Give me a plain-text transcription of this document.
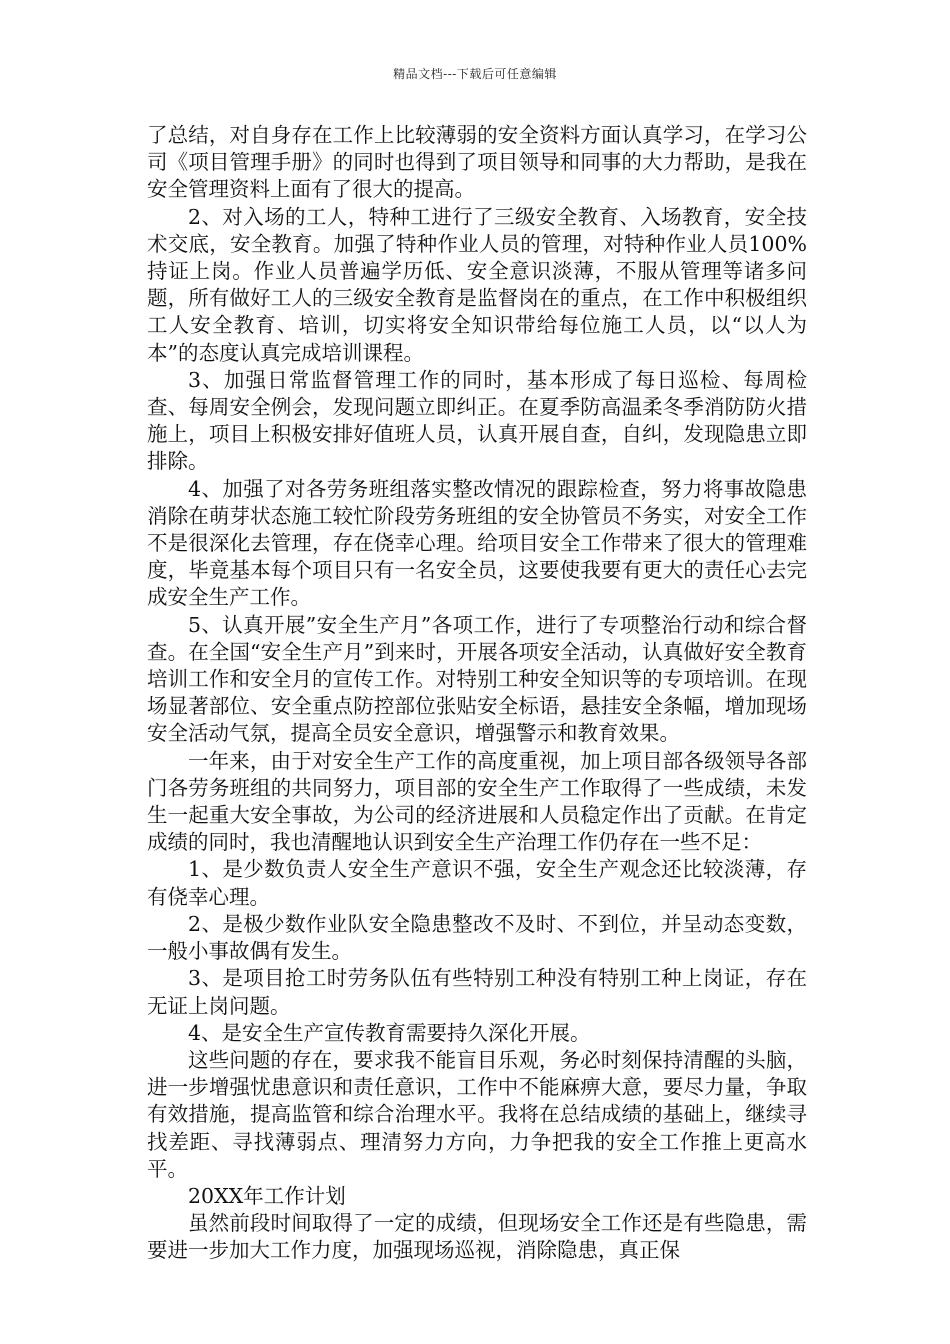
精品文档---下载后可任意编辑

了总结，对自身存在工作上比较薄弱的安全资料方面认真学习，在学习公司《项目管理手册》的同时也得到了项目领导和同事的大力帮助，是我在安全管理资料上面有了很大的提高。

2、对入场的工人，特种工进行了三级安全教育、入场教育，安全技术交底，安全教育。加强了特种作业人员的管理，对特种作业人员100%持证上岗。作业人员普遍学历低、安全意识淡薄，不服从管理等诸多问题，所有做好工人的三级安全教育是监督岗在的重点，在工作中积极组织工人安全教育、培训，切实将安全知识带给每位施工人员，以“以人为本”的态度认真完成培训课程。

3、加强日常监督管理工作的同时，基本形成了每日巡检、每周检查、每周安全例会，发现问题立即纠正。在夏季防高温柔冬季消防防火措施上，项目上积极安排好值班人员，认真开展自查，自纠，发现隐患立即排除。

4、加强了对各劳务班组落实整改情况的跟踪检查，努力将事故隐患消除在萌芽状态施工较忙阶段劳务班组的安全协管员不务实，对安全工作不是很深化去管理，存在侥幸心理。给项目安全工作带来了很大的管理难度，毕竟基本每个项目只有一名安全员，这要使我要有更大的责任心去完成安全生产工作。

5、认真开展”安全生产月”各项工作，进行了专项整治行动和综合督查。在全国“安全生产月”到来时，开展各项安全活动，认真做好安全教育培训工作和安全月的宣传工作。对特别工种安全知识等的专项培训。在现场显著部位、安全重点防控部位张贴安全标语，悬挂安全条幅，增加现场安全活动气氛，提高全员安全意识，增强警示和教育效果。

一年来，由于对安全生产工作的高度重视，加上项目部各级领导各部门各劳务班组的共同努力，项目部的安全生产工作取得了一些成绩，未发生一起重大安全事故，为公司的经济进展和人员稳定作出了贡献。在肯定成绩的同时，我也清醒地认识到安全生产治理工作仍存在一些不足：

1、是少数负责人安全生产意识不强，安全生产观念还比较淡薄，存有侥幸心理。

2、是极少数作业队安全隐患整改不及时、不到位，并呈动态变数，一般小事故偶有发生。

3、是项目抢工时劳务队伍有些特别工种没有特别工种上岗证，存在无证上岗问题。

4、是安全生产宣传教育需要持久深化开展。

这些问题的存在，要求我不能盲目乐观，务必时刻保持清醒的头脑，进一步增强忧患意识和责任意识，工作中不能麻痹大意，要尽力量，争取有效措施，提高监管和综合治理水平。我将在总结成绩的基础上，继续寻找差距、寻找薄弱点、理清努力方向，力争把我的安全工作推上更高水平。

20XX年工作计划

虽然前段时间取得了一定的成绩，但现场安全工作还是有些隐患，需要进一步加大工作力度，加强现场巡视，消除隐患，真正保
